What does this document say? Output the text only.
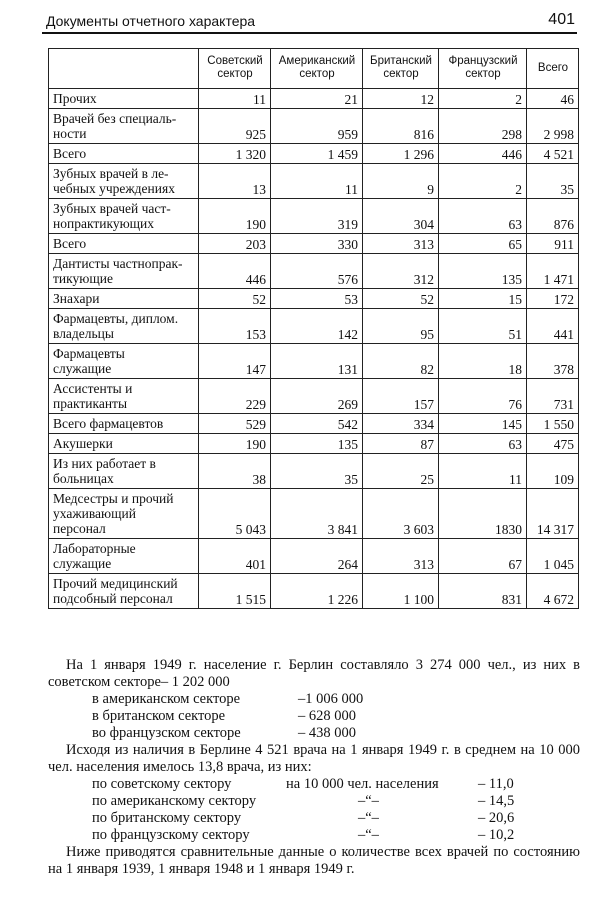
Документы отчетного характера	401
	Советский сектор	Американский сектор	Британский сектор	Французский сектор	Всего
Прочих	11	21	12	2	46
Врачей без специаль-
ности	925	959	816	298	2 998
Всего	1 320	1 459	1 296	446	4 521
Зубных врачей в ле-
чебных учреждениях	13	11	9	2	35
Зубных врачей част-
нопрактикующих	190	319	304	63	876
Всего	203	330	313	65	911
Дантисты частнопрак-
тикующие	446	576	312	135	1 471
Знахари	52	53	52	15	172
Фармацевты, диплом.
владельцы	153	142	95	51	441
Фармацевты
служащие	147	131	82	18	378
Ассистенты и
практиканты	229	269	157	76	731
Всего фармацевтов	529	542	334	145	1 550
Акушерки	190	135	87	63	475
Из них работает в
больницах	38	35	25	11	109
Медсестры и прочий
ухаживающий
персонал	5 043	3 841	3 603	1830	14 317
Лабораторные
служащие	401	264	313	67	1 045
Прочий медицинский
подсобный персонал	1 515	1 226	1 100	831	4 672

На 1 января 1949 г. население г. Берлин составляло 3 274 000 чел., из них в советском секторе– 1 202 000

в американском секторе	–1 006 000
в британском секторе	– 628 000
во французском секторе	– 438 000

Исходя из наличия в Берлине 4 521 врача на 1 января 1949 г. в среднем на 10 000 чел. населения имелось 13,8 врача, из них:

по советскому сектору	на 10 000 чел. населения	– 11,0
по американскому сектору	–“–	– 14,5
по британскому сектору	–“–	– 20,6
по французскому сектору	–“–	– 10,2

Ниже приводятся сравнительные данные о количестве всех врачей по состоянию на 1 января 1939, 1 января 1948 и 1 января 1949 г.
